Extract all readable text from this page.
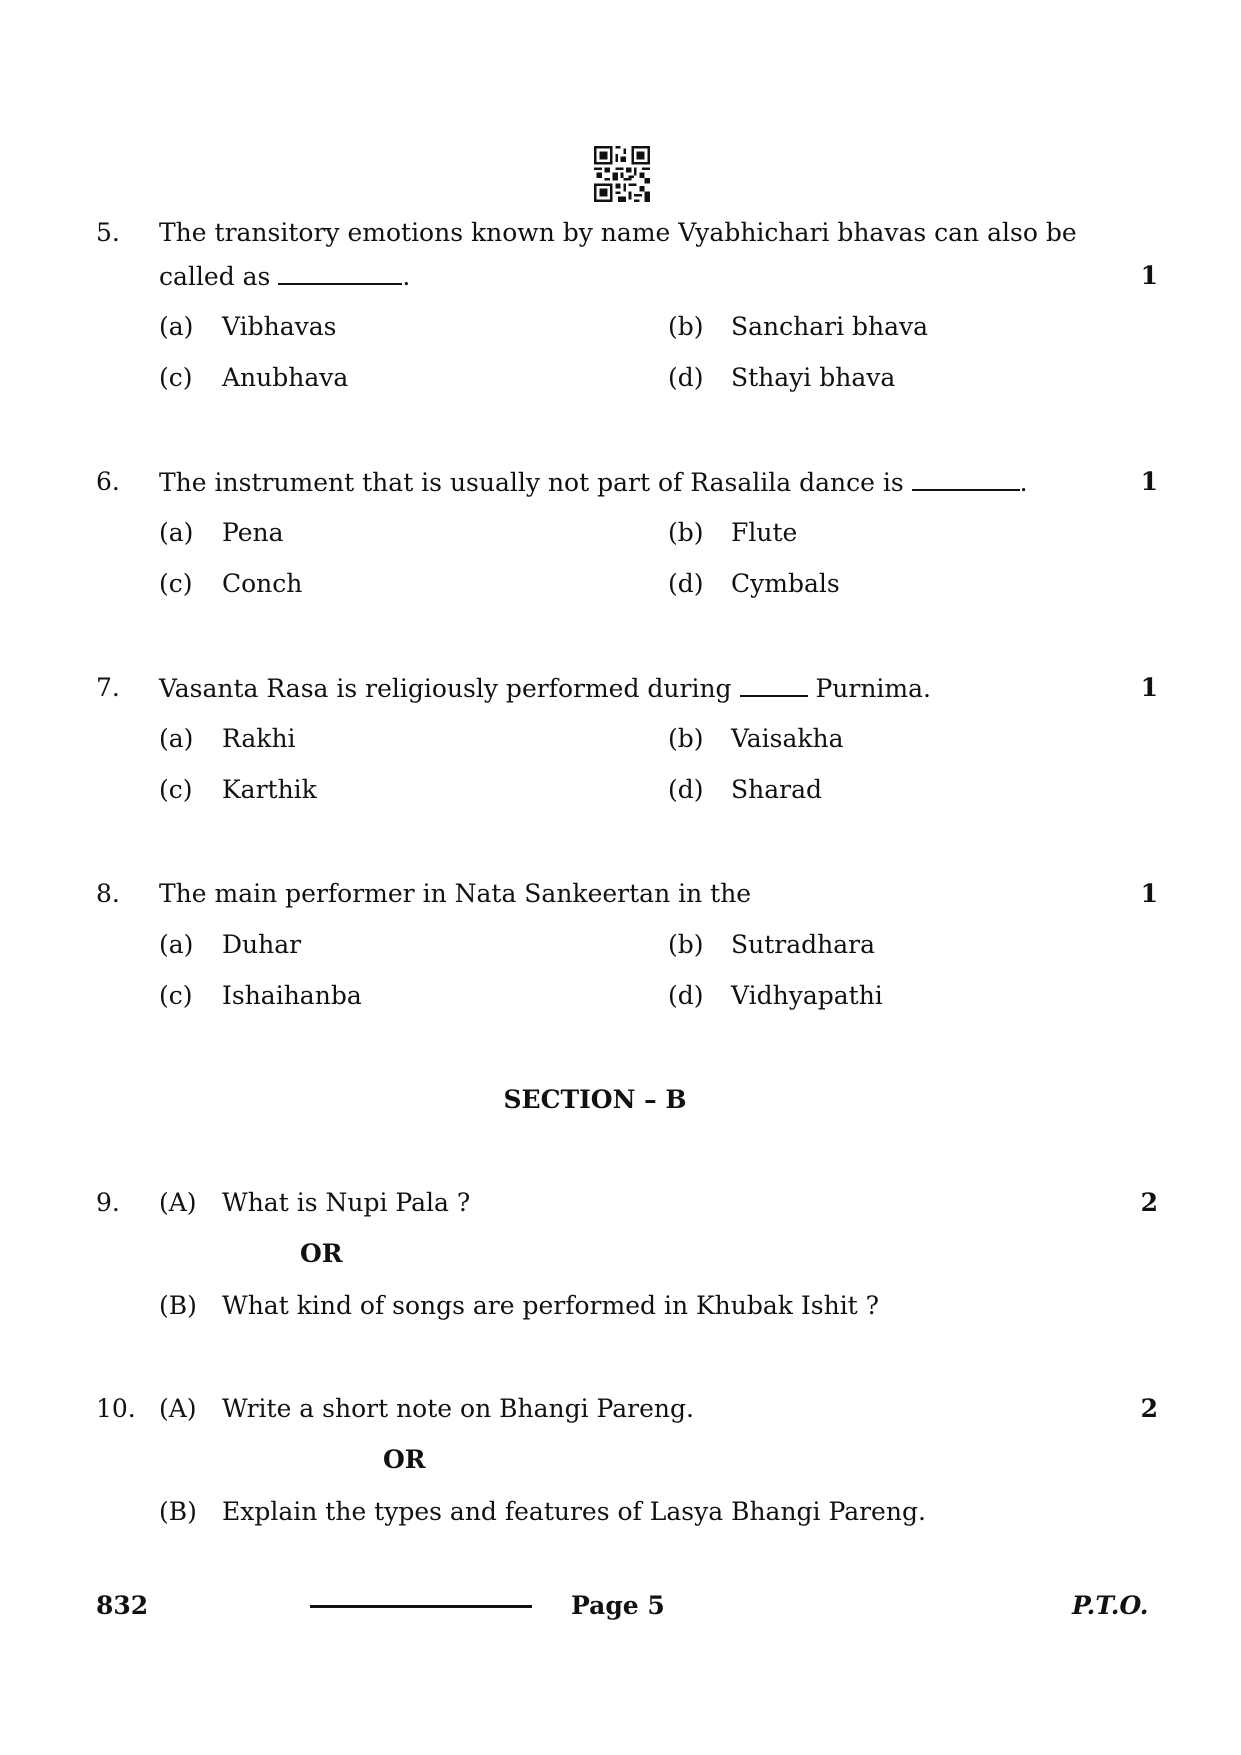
5. The transitory emotions known by name Vyabhichari bhavas can also be
called as	.	1
(a) Vibhavas	(b) Sanchari bhava
(c) Anubhava	(d) Sthayi bhava
6. The instrument that is usually not part of Rasalila dance is	.	1
(a) Pena	(b) Flute
(c) Conch	(d) Cymbals
7. Vasanta Rasa is religiously performed during	Purnima.	1
(a) Rakhi	(b) Vaisakha
(c) Karthik	(d) Sharad
8. The main performer in Nata Sankeertan in the	1
(a) Duhar	(b) Sutradhara
(c) Ishaihanba	(d) Vidhyapathi
SECTION – B
9. (A) What is Nupi Pala ?	2
OR
(B) What kind of songs are performed in Khubak Ishit ?
10. (A) Write a short note on Bhangi Pareng.	2
OR
(B) Explain the types and features of Lasya Bhangi Pareng.
832	Page 5	P.T.O.
